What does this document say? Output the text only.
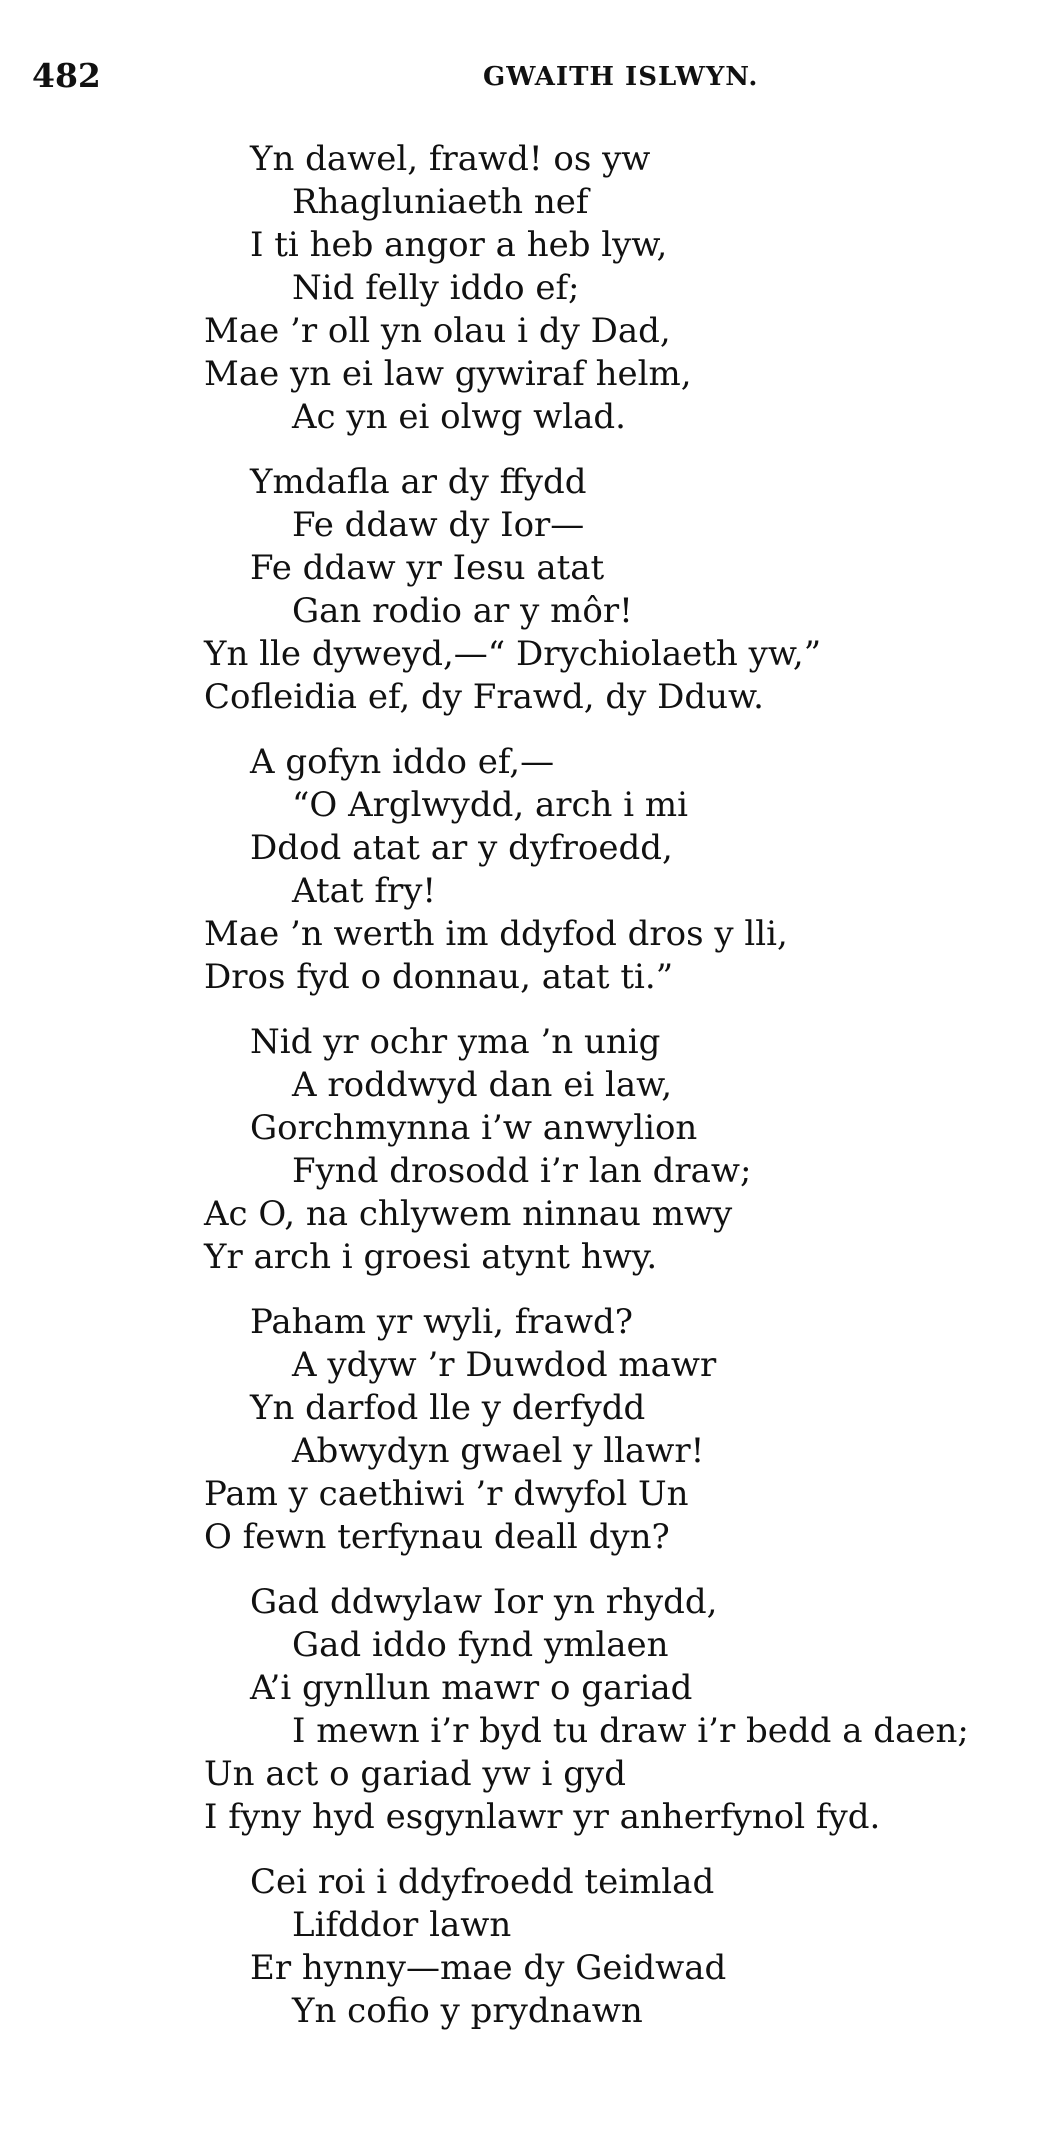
482	GWAITH ISLWYN.
Yn dawel, frawd! os yw
Rhagluniaeth nef
I ti heb angor a heb lyw,
Nid felly iddo ef;
Mae ’r oll yn olau i dy Dad,
Mae yn ei law gywiraf helm,
Ac yn ei olwg wlad.
Ymdafla ar dy ffydd
Fe ddaw dy Ior—
Fe ddaw yr Iesu atat
Gan rodio ar y môr!
Yn lle dyweyd,—“ Drychiolaeth yw,”
Cofleidia ef, dy Frawd, dy Dduw.
A gofyn iddo ef,—
“O Arglwydd, arch i mi
Ddod atat ar y dyfroedd,
Atat fry!
Mae ’n werth im ddyfod dros y lli,
Dros fyd o donnau, atat ti.”
Nid yr ochr yma ’n unig
A roddwyd dan ei law,
Gorchmynna i’w anwylion
Fynd drosodd i’r lan draw;
Ac O, na chlywem ninnau mwy
Yr arch i groesi atynt hwy.
Paham yr wyli, frawd?
A ydyw ’r Duwdod mawr
Yn darfod lle y derfydd
Abwydyn gwael y llawr!
Pam y caethiwi ’r dwyfol Un
O fewn terfynau deall dyn?
Gad ddwylaw Ior yn rhydd,
Gad iddo fynd ymlaen
A’i gynllun mawr o gariad
I mewn i’r byd tu draw i’r bedd a daen;
Un act o gariad yw i gyd
I fyny hyd esgynlawr yr anherfynol fyd.
Cei roi i ddyfroedd teimlad
Lifddor lawn
Er hynny—mae dy Geidwad
Yn cofio y prydnawn
